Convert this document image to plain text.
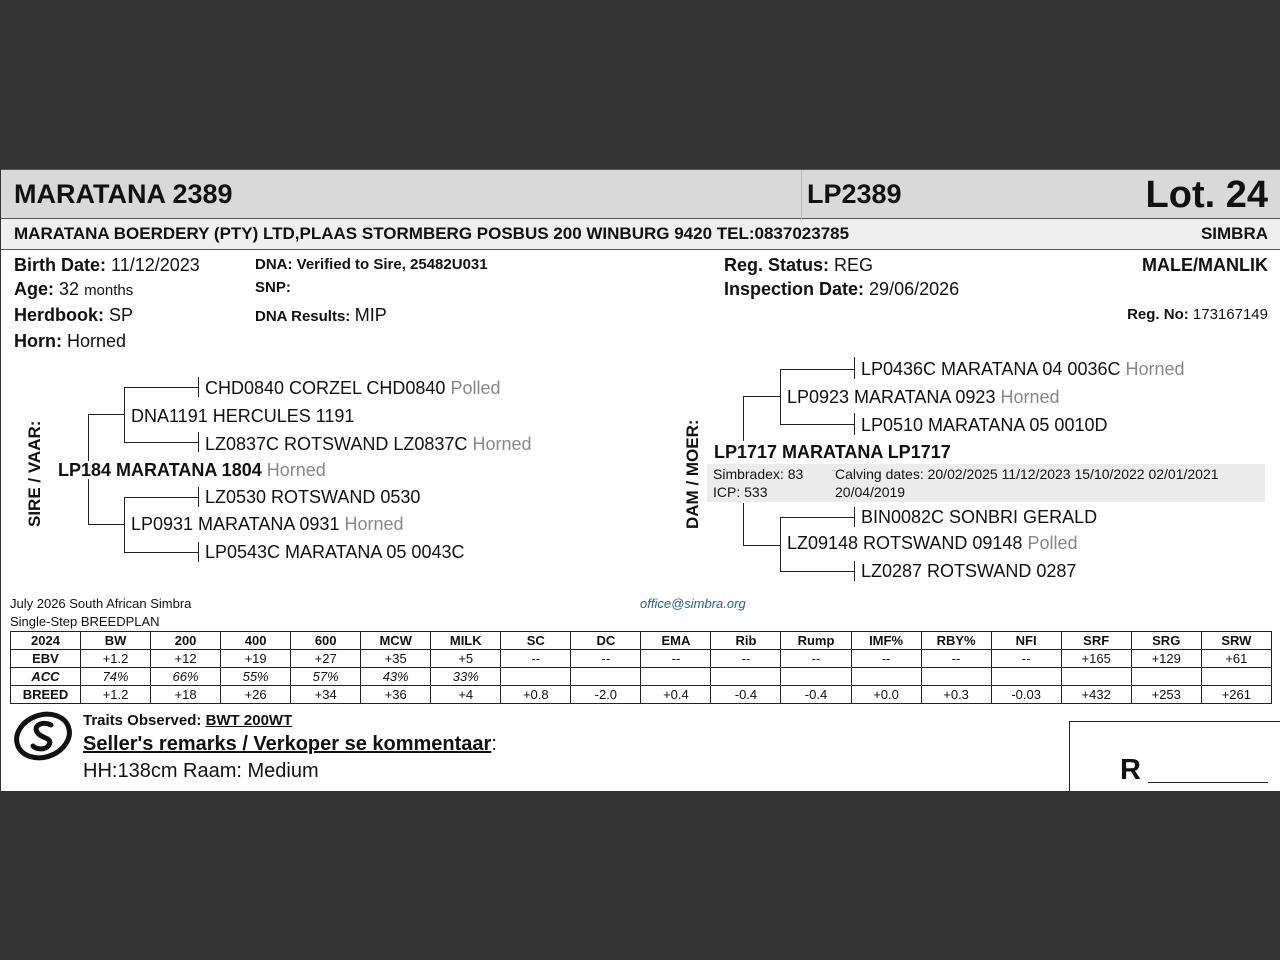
MARATANA 2389	LP2389	Lot. 24
MARATANA BOERDERY (PTY) LTD,PLAAS STORMBERG POSBUS 200 WINBURG 9420 TEL:0837023785	SIMBRA
Birth Date: 11/12/2023
Age: 32 months
Herdbook: SP
Horn: Horned
DNA: Verified to Sire, 25482U031
SNP:
DNA Results: MIP
Reg. Status: REG
Inspection Date: 29/06/2026
MALE/MANLIK
Reg. No: 173167149
SIRE / VAAR:
CHD0840 CORZEL CHD0840 Polled
DNA1191 HERCULES 1191
LZ0837C ROTSWAND LZ0837C Horned
LP184 MARATANA 1804 Horned
LZ0530 ROTSWAND 0530
LP0931 MARATANA 0931 Horned
LP0543C MARATANA 05 0043C
DAM / MOER:
LP0436C MARATANA 04 0036C Horned
LP0923 MARATANA 0923 Horned
LP0510 MARATANA 05 0010D
LP1717 MARATANA LP1717
Simbradex: 83
ICP: 533
Calving dates: 20/02/2025 11/12/2023 15/10/2022 02/01/2021
20/04/2019
BIN0082C SONBRI GERALD
LZ09148 ROTSWAND 09148 Polled
LZ0287 ROTSWAND 0287
July 2026 South African Simbra
Single-Step BREEDPLAN
office@simbra.org
2024	BW	200	400	600	MCW	MILK	SC	DC	EMA	Rib	Rump	IMF%	RBY%	NFI	SRF	SRG	SRW
EBV	+1.2	+12	+19	+27	+35	+5	--	--	--	--	--	--	--	--	+165	+129	+61
ACC	74%	66%	55%	57%	43%	33%											
BREED	+1.2	+18	+26	+34	+36	+4	+0.8	-2.0	+0.4	-0.4	-0.4	+0.0	+0.3	-0.03	+432	+253	+261
Traits Observed: BWT 200WT
Seller's remarks / Verkoper se kommentaar:
HH:138cm Raam: Medium	R
